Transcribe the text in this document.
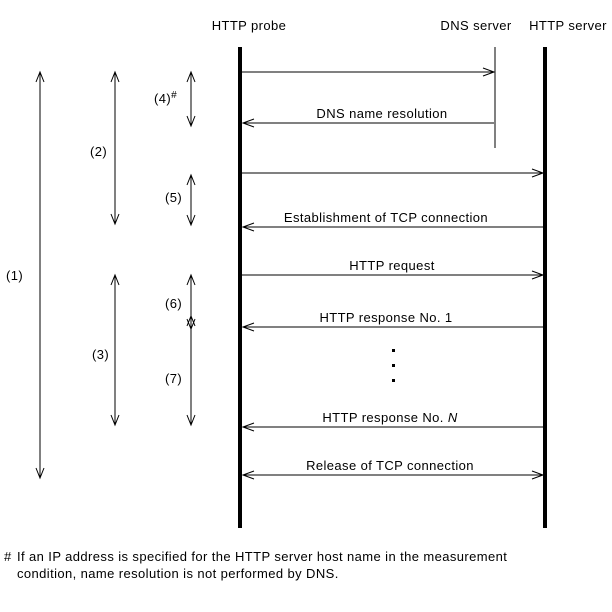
HTTP probe	DNS server HTTP server
DNS name resolution
Establishment of TCP connection
HTTP request
HTTP response No. 1
HTTP response No. N
Release of TCP connection
(1)
(2)
(3)
(4)#
(5)
(6)
(7)
# If an IP address is specified for the HTTP server host name in the measurement
condition, name resolution is not performed by DNS.
